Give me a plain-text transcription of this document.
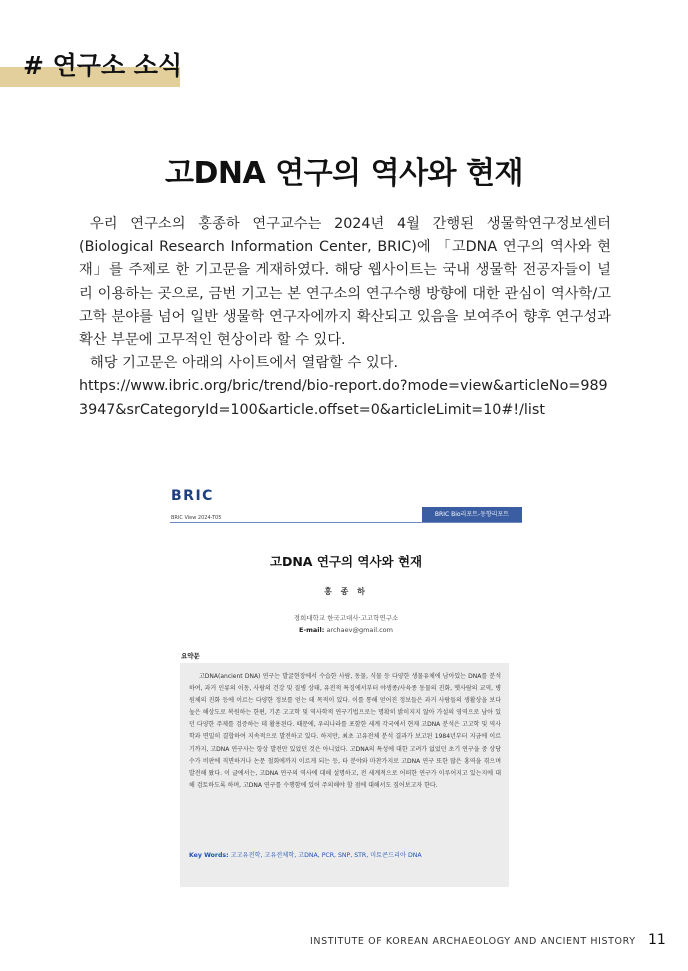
# 연구소 소식
고DNA 연구의 역사와 현재

우리 연구소의 홍종하 연구교수는 2024년 4월 간행된 생물학연구정보센터(Biological Research Information Center, BRIC)에 「고DNA 연구의 역사와 현재」를 주제로 한 기고문을 게재하였다. 해당 웹사이트는 국내 생물학 전공자들이 널리 이용하는 곳으로, 금번 기고는 본 연구소의 연구수행 방향에 대한 관심이 역사학/고고학 분야를 넘어 일반 생물학 연구자에까지 확산되고 있음을 보여주어 향후 연구성과 확산 부문에 고무적인 현상이라 할 수 있다.

해당 기고문은 아래의 사이트에서 열람할 수 있다.

https://www.ibric.org/bric/trend/bio-report.do?mode=view&articleNo=9893947&srCategoryId=100&article.offset=0&articleLimit=10#!/list

BRIC
BRIC View 2024-T05	BRIC Bio리포트-동향리포트
고DNA 연구의 역사와 현재
홍 종 하
경희대학교 한국고대사·고고학연구소
E-mail: archaev@gmail.com
요약문
고DNA(ancient DNA) 연구는 발굴현장에서 수습한 사람, 동물, 식물 등 다양한 생물유체에 남아있는 DNA를 분석하여, 과거 인류의 이동, 사람의 건강 및 질병 상태, 유전적 특징에서부터 야생종/사육종 동물의 진화, 옛사람의 교역, 병원체의 진화 등에 이르는 다양한 정보를 얻는 데 목적이 있다. 이를 통해 얻어진 정보들은 과거 사람들의 생활상을 보다 높은 해상도로 복원하는 한편, 기존 고고학 및 역사학적 연구기법으로는 명확히 밝히지지 않아 가설의 영역으로 남아 있던 다양한 주제를 검증하는 데 활용된다. 때문에, 우리나라를 포함한 세계 각국에서 현재 고DNA 분석은 고고학 및 역사학과 면밀히 결합하여 지속적으로 발전하고 있다. 하지만, 최초 고유전체 분석 결과가 보고된 1984년부터 지금에 이르기까지, 고DNA 연구사는 항상 발전만 있었던 것은 아니었다. 고DNA의 특성에 대한 고려가 없었던 초기 연구을 중 상당수가 비판에 직면하거나 논문 철회에까지 이르게 되는 등, 타 분야와 마찬가지로 고DNA 연구 또한 많은 홍역을 겪으며 발전해 왔다. 이 글에서는, 고DNA 연구의 역사에 대해 설명하고, 전 세계적으로 어떠한 연구가 이루어지고 있는지에 대해 검토하도록 하며, 고DNA 연구를 수행함에 있어 주의해야 할 점에 대해서도 짚어보고자 한다.
Key Words: 고고유전학, 고유전체학, 고DNA, PCR, SNP, STR, 미토콘드리아 DNA
INSTITUTE OF KOREAN ARCHAEOLOGY AND ANCIENT HISTORY 11
